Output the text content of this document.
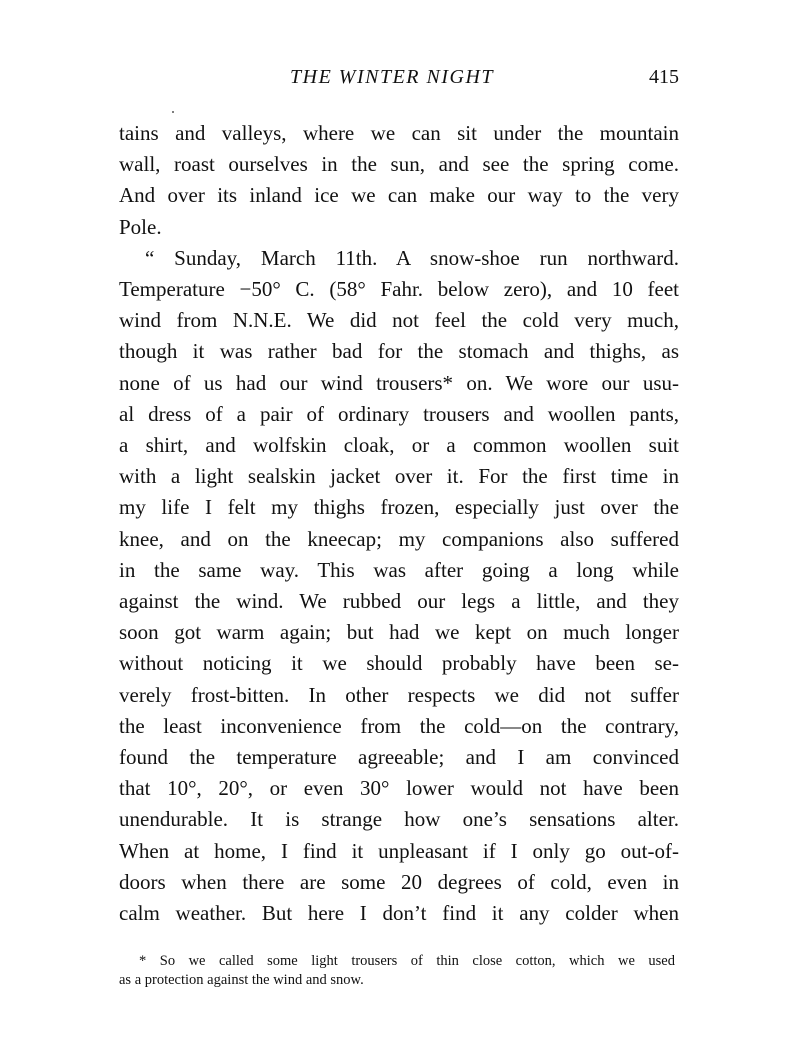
THE WINTER NIGHT	415
tains and valleys, where we can sit under the mountain
wall, roast ourselves in the sun, and see the spring come.
And over its inland ice we can make our way to the very
Pole.
“ Sunday, March 11th. A snow-shoe run northward.
Temperature −50° C. (58° Fahr. below zero), and 10 feet
wind from N.N.E. We did not feel the cold very much,
though it was rather bad for the stomach and thighs, as
none of us had our wind trousers* on. We wore our usu-
al dress of a pair of ordinary trousers and woollen pants,
a shirt, and wolfskin cloak, or a common woollen suit
with a light sealskin jacket over it. For the first time in
my life I felt my thighs frozen, especially just over the
knee, and on the kneecap; my companions also suffered
in the same way. This was after going a long while
against the wind. We rubbed our legs a little, and they
soon got warm again; but had we kept on much longer
without noticing it we should probably have been se-
verely frost-bitten. In other respects we did not suffer
the least inconvenience from the cold—on the contrary,
found the temperature agreeable; and I am convinced
that 10°, 20°, or even 30° lower would not have been
unendurable. It is strange how one’s sensations alter.
When at home, I find it unpleasant if I only go out-of-
doors when there are some 20 degrees of cold, even in
calm weather. But here I don’t find it any colder when
* So we called some light trousers of thin close cotton, which we used
as a protection against the wind and snow.
